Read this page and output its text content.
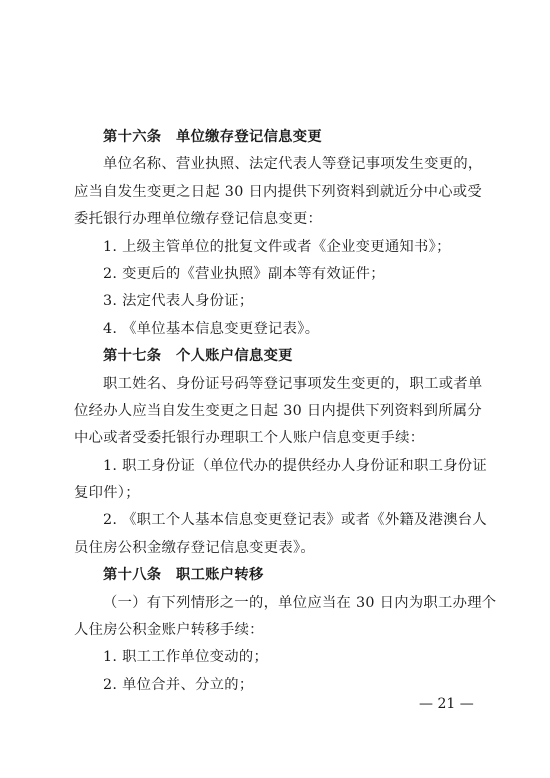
第十六条　单位缴存登记信息变更
单位名称、营业执照、法定代表人等登记事项发生变更的，
应当自发生变更之日起 30 日内提供下列资料到就近分中心或受
委托银行办理单位缴存登记信息变更：
1. 上级主管单位的批复文件或者《企业变更通知书》；
2. 变更后的《营业执照》副本等有效证件；
3. 法定代表人身份证；
4. 《单位基本信息变更登记表》。
第十七条　个人账户信息变更
职工姓名、身份证号码等登记事项发生变更的，职工或者单
位经办人应当自发生变更之日起 30 日内提供下列资料到所属分
中心或者受委托银行办理职工个人账户信息变更手续：
1. 职工身份证（单位代办的提供经办人身份证和职工身份证
复印件）；
2. 《职工个人基本信息变更登记表》或者《外籍及港澳台人
员住房公积金缴存登记信息变更表》。
第十八条　职工账户转移
（一）有下列情形之一的，单位应当在 30 日内为职工办理个
人住房公积金账户转移手续：
1. 职工工作单位变动的；
2. 单位合并、分立的；
— 21 —
